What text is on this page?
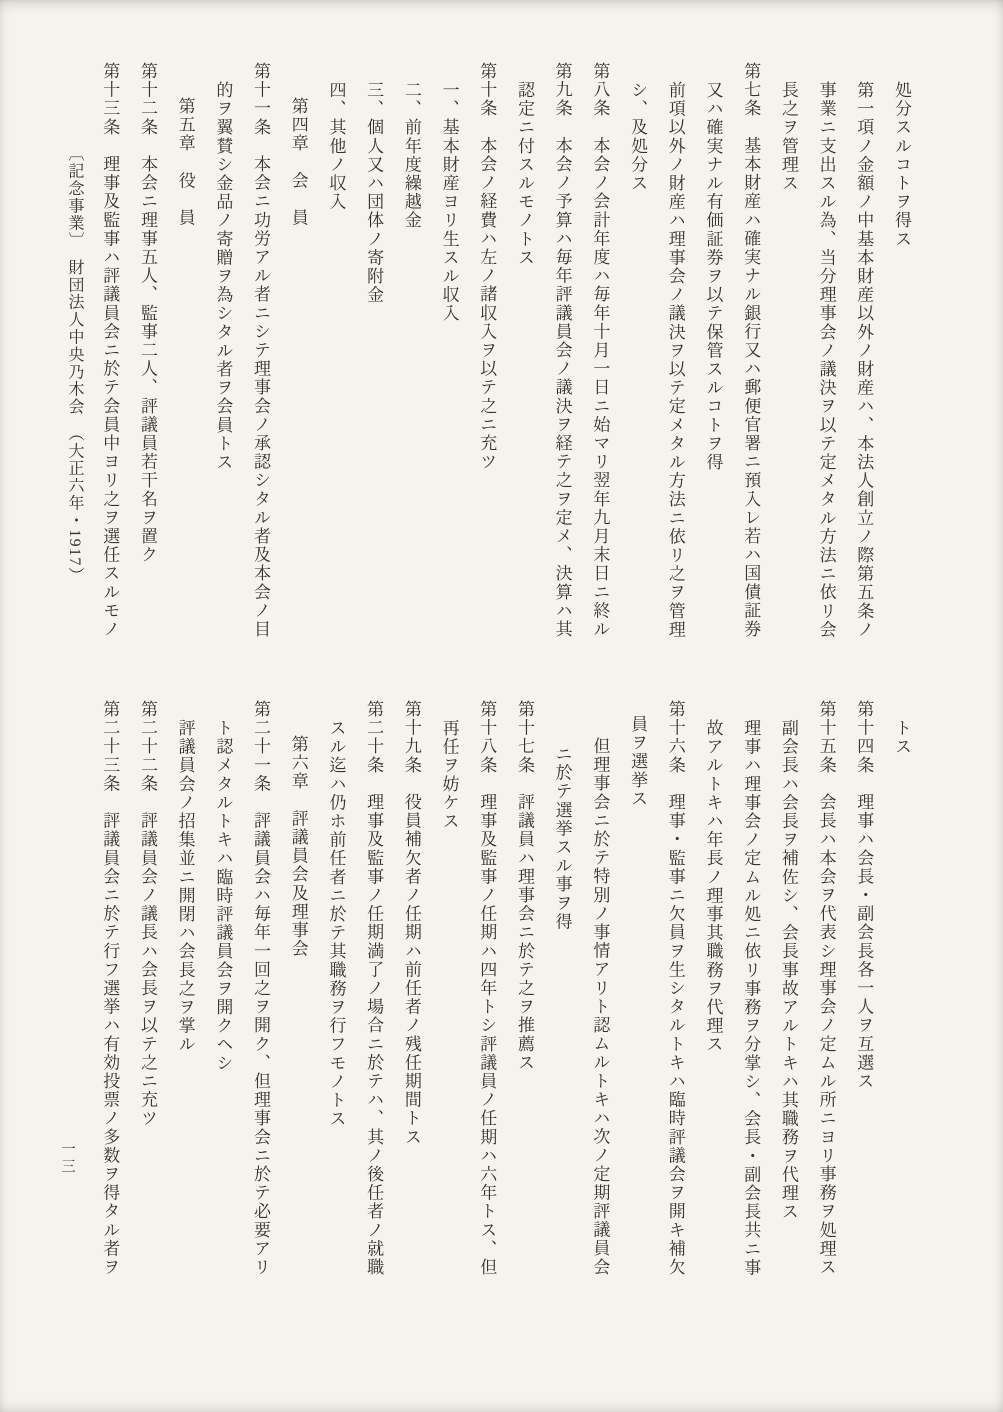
処分スルコトヲ得ス
第一項ノ金額ノ中基本財産以外ノ財産ハ、本法人創立ノ際第五条ノ
事業ニ支出スル為、当分理事会ノ議決ヲ以テ定メタル方法ニ依リ会
長之ヲ管理ス
第七条　基本財産ハ確実ナル銀行又ハ郵便官署ニ預入レ若ハ国債証券
又ハ確実ナル有価証券ヲ以テ保管スルコトヲ得
前項以外ノ財産ハ理事会ノ議決ヲ以テ定メタル方法ニ依リ之ヲ管理
シ、及処分ス
第八条　本会ノ会計年度ハ毎年十月一日ニ始マリ翌年九月末日ニ終ル
第九条　本会ノ予算ハ毎年評議員会ノ議決ヲ経テ之ヲ定メ、決算ハ其
認定ニ付スルモノトス
第十条　本会ノ経費ハ左ノ諸収入ヲ以テ之ニ充ツ
一、基本財産ヨリ生スル収入
二、前年度繰越金
三、個人又ハ団体ノ寄附金
四、其他ノ収入
第四章　会　員
第十一条　本会ニ功労アル者ニシテ理事会ノ承認シタル者及本会ノ目
的ヲ翼賛シ金品ノ寄贈ヲ為シタル者ヲ会員トス
第五章　役　員
第十二条　本会ニ理事五人、監事二人、評議員若干名ヲ置ク
第十三条　理事及監事ハ評議員会ニ於テ会員中ヨリ之ヲ選任スルモノ
トス
第十四条　理事ハ会長・副会長各一人ヲ互選ス
第十五条　会長ハ本会ヲ代表シ理事会ノ定ムル所ニヨリ事務ヲ処理ス
副会長ハ会長ヲ補佐シ、会長事故アルトキハ其職務ヲ代理ス
理事ハ理事会ノ定ムル処ニ依リ事務ヲ分掌シ、会長・副会長共ニ事
故アルトキハ年長ノ理事其職務ヲ代理ス
第十六条　理事・監事ニ欠員ヲ生シタルトキハ臨時評議会ヲ開キ補欠
員ヲ選挙ス
但理事会ニ於テ特別ノ事情アリト認ムルトキハ次ノ定期評議員会
ニ於テ選挙スル事ヲ得
第十七条　評議員ハ理事会ニ於テ之ヲ推薦ス
第十八条　理事及監事ノ任期ハ四年トシ評議員ノ任期ハ六年トス、但
再任ヲ妨ケス
第十九条　役員補欠者ノ任期ハ前任者ノ残任期間トス
第二十条　理事及監事ノ任期満了ノ場合ニ於テハ、其ノ後任者ノ就職
スル迄ハ仍ホ前任者ニ於テ其職務ヲ行フモノトス
第六章　評議員会及理事会
第二十一条　評議員会ハ毎年一回之ヲ開ク、但理事会ニ於テ必要アリ
ト認メタルトキハ臨時評議員会ヲ開クヘシ
評議員会ノ招集並ニ開閉ハ会長之ヲ掌ル
第二十二条　評議員会ノ議長ハ会長ヲ以テ之ニ充ツ
第二十三条　評議員会ニ於テ行フ選挙ハ有効投票ノ多数ヲ得タル者ヲ
〔記念事業〕　財団法人中央乃木会　（大正六年・1917）
一三
